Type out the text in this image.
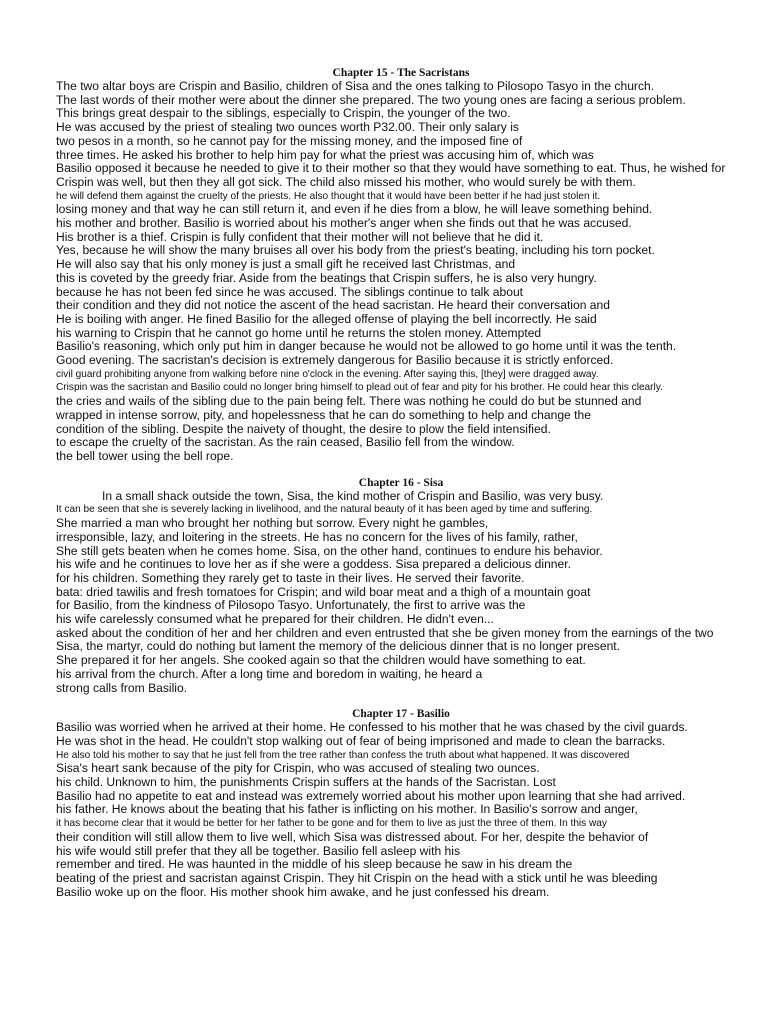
Chapter 15 - The Sacristans
The two altar boys are Crispin and Basilio, children of Sisa and the ones talking to Pilosopo Tasyo in the church.
The last words of their mother were about the dinner she prepared. The two young ones are facing a serious problem.
This brings great despair to the siblings, especially to Crispin, the younger of the two.
He was accused by the priest of stealing two ounces worth P32.00. Their only salary is
two pesos in a month, so he cannot pay for the missing money, and the imposed fine of
three times. He asked his brother to help him pay for what the priest was accusing him of, which was
Basilio opposed it because he needed to give it to their mother so that they would have something to eat. Thus, he wished for
Crispin was well, but then they all got sick. The child also missed his mother, who would surely be with them.
he will defend them against the cruelty of the priests. He also thought that it would have been better if he had just stolen it.
losing money and that way he can still return it, and even if he dies from a blow, he will leave something behind.
his mother and brother. Basilio is worried about his mother's anger when she finds out that he was accused.
His brother is a thief. Crispin is fully confident that their mother will not believe that he did it.
Yes, because he will show the many bruises all over his body from the priest's beating, including his torn pocket.
He will also say that his only money is just a small gift he received last Christmas, and
this is coveted by the greedy friar. Aside from the beatings that Crispin suffers, he is also very hungry.
because he has not been fed since he was accused. The siblings continue to talk about
their condition and they did not notice the ascent of the head sacristan. He heard their conversation and
He is boiling with anger. He fined Basilio for the alleged offense of playing the bell incorrectly. He said
his warning to Crispin that he cannot go home until he returns the stolen money. Attempted
Basilio's reasoning, which only put him in danger because he would not be allowed to go home until it was the tenth.
Good evening. The sacristan's decision is extremely dangerous for Basilio because it is strictly enforced.
civil guard prohibiting anyone from walking before nine o'clock in the evening. After saying this, [they] were dragged away.
Crispin was the sacristan and Basilio could no longer bring himself to plead out of fear and pity for his brother. He could hear this clearly.
the cries and wails of the sibling due to the pain being felt. There was nothing he could do but be stunned and
wrapped in intense sorrow, pity, and hopelessness that he can do something to help and change the
condition of the sibling. Despite the naivety of thought, the desire to plow the field intensified.
to escape the cruelty of the sacristan. As the rain ceased, Basilio fell from the window.
the bell tower using the bell rope.
Chapter 16 - Sisa
In a small shack outside the town, Sisa, the kind mother of Crispin and Basilio, was very busy.
It can be seen that she is severely lacking in livelihood, and the natural beauty of it has been aged by time and suffering.
She married a man who brought her nothing but sorrow. Every night he gambles,
irresponsible, lazy, and loitering in the streets. He has no concern for the lives of his family, rather,
She still gets beaten when he comes home. Sisa, on the other hand, continues to endure his behavior.
his wife and he continues to love her as if she were a goddess. Sisa prepared a delicious dinner.
for his children. Something they rarely get to taste in their lives. He served their favorite.
bata: dried tawilis and fresh tomatoes for Crispin; and wild boar meat and a thigh of a mountain goat
for Basilio, from the kindness of Pilosopo Tasyo. Unfortunately, the first to arrive was the
his wife carelessly consumed what he prepared for their children. He didn't even...
asked about the condition of her and her children and even entrusted that she be given money from the earnings of the two
Sisa, the martyr, could do nothing but lament the memory of the delicious dinner that is no longer present.
She prepared it for her angels. She cooked again so that the children would have something to eat.
his arrival from the church. After a long time and boredom in waiting, he heard a
strong calls from Basilio.
Chapter 17 - Basilio
Basilio was worried when he arrived at their home. He confessed to his mother that he was chased by the civil guards.
He was shot in the head. He couldn't stop walking out of fear of being imprisoned and made to clean the barracks.
He also told his mother to say that he just fell from the tree rather than confess the truth about what happened. It was discovered
Sisa's heart sank because of the pity for Crispin, who was accused of stealing two ounces.
his child. Unknown to him, the punishments Crispin suffers at the hands of the Sacristan. Lost
Basilio had no appetite to eat and instead was extremely worried about his mother upon learning that she had arrived.
his father. He knows about the beating that his father is inflicting on his mother. In Basilio's sorrow and anger,
it has become clear that it would be better for her father to be gone and for them to live as just the three of them. In this way
their condition will still allow them to live well, which Sisa was distressed about. For her, despite the behavior of
his wife would still prefer that they all be together. Basilio fell asleep with his
remember and tired. He was haunted in the middle of his sleep because he saw in his dream the
beating of the priest and sacristan against Crispin. They hit Crispin on the head with a stick until he was bleeding
Basilio woke up on the floor. His mother shook him awake, and he just confessed his dream.
